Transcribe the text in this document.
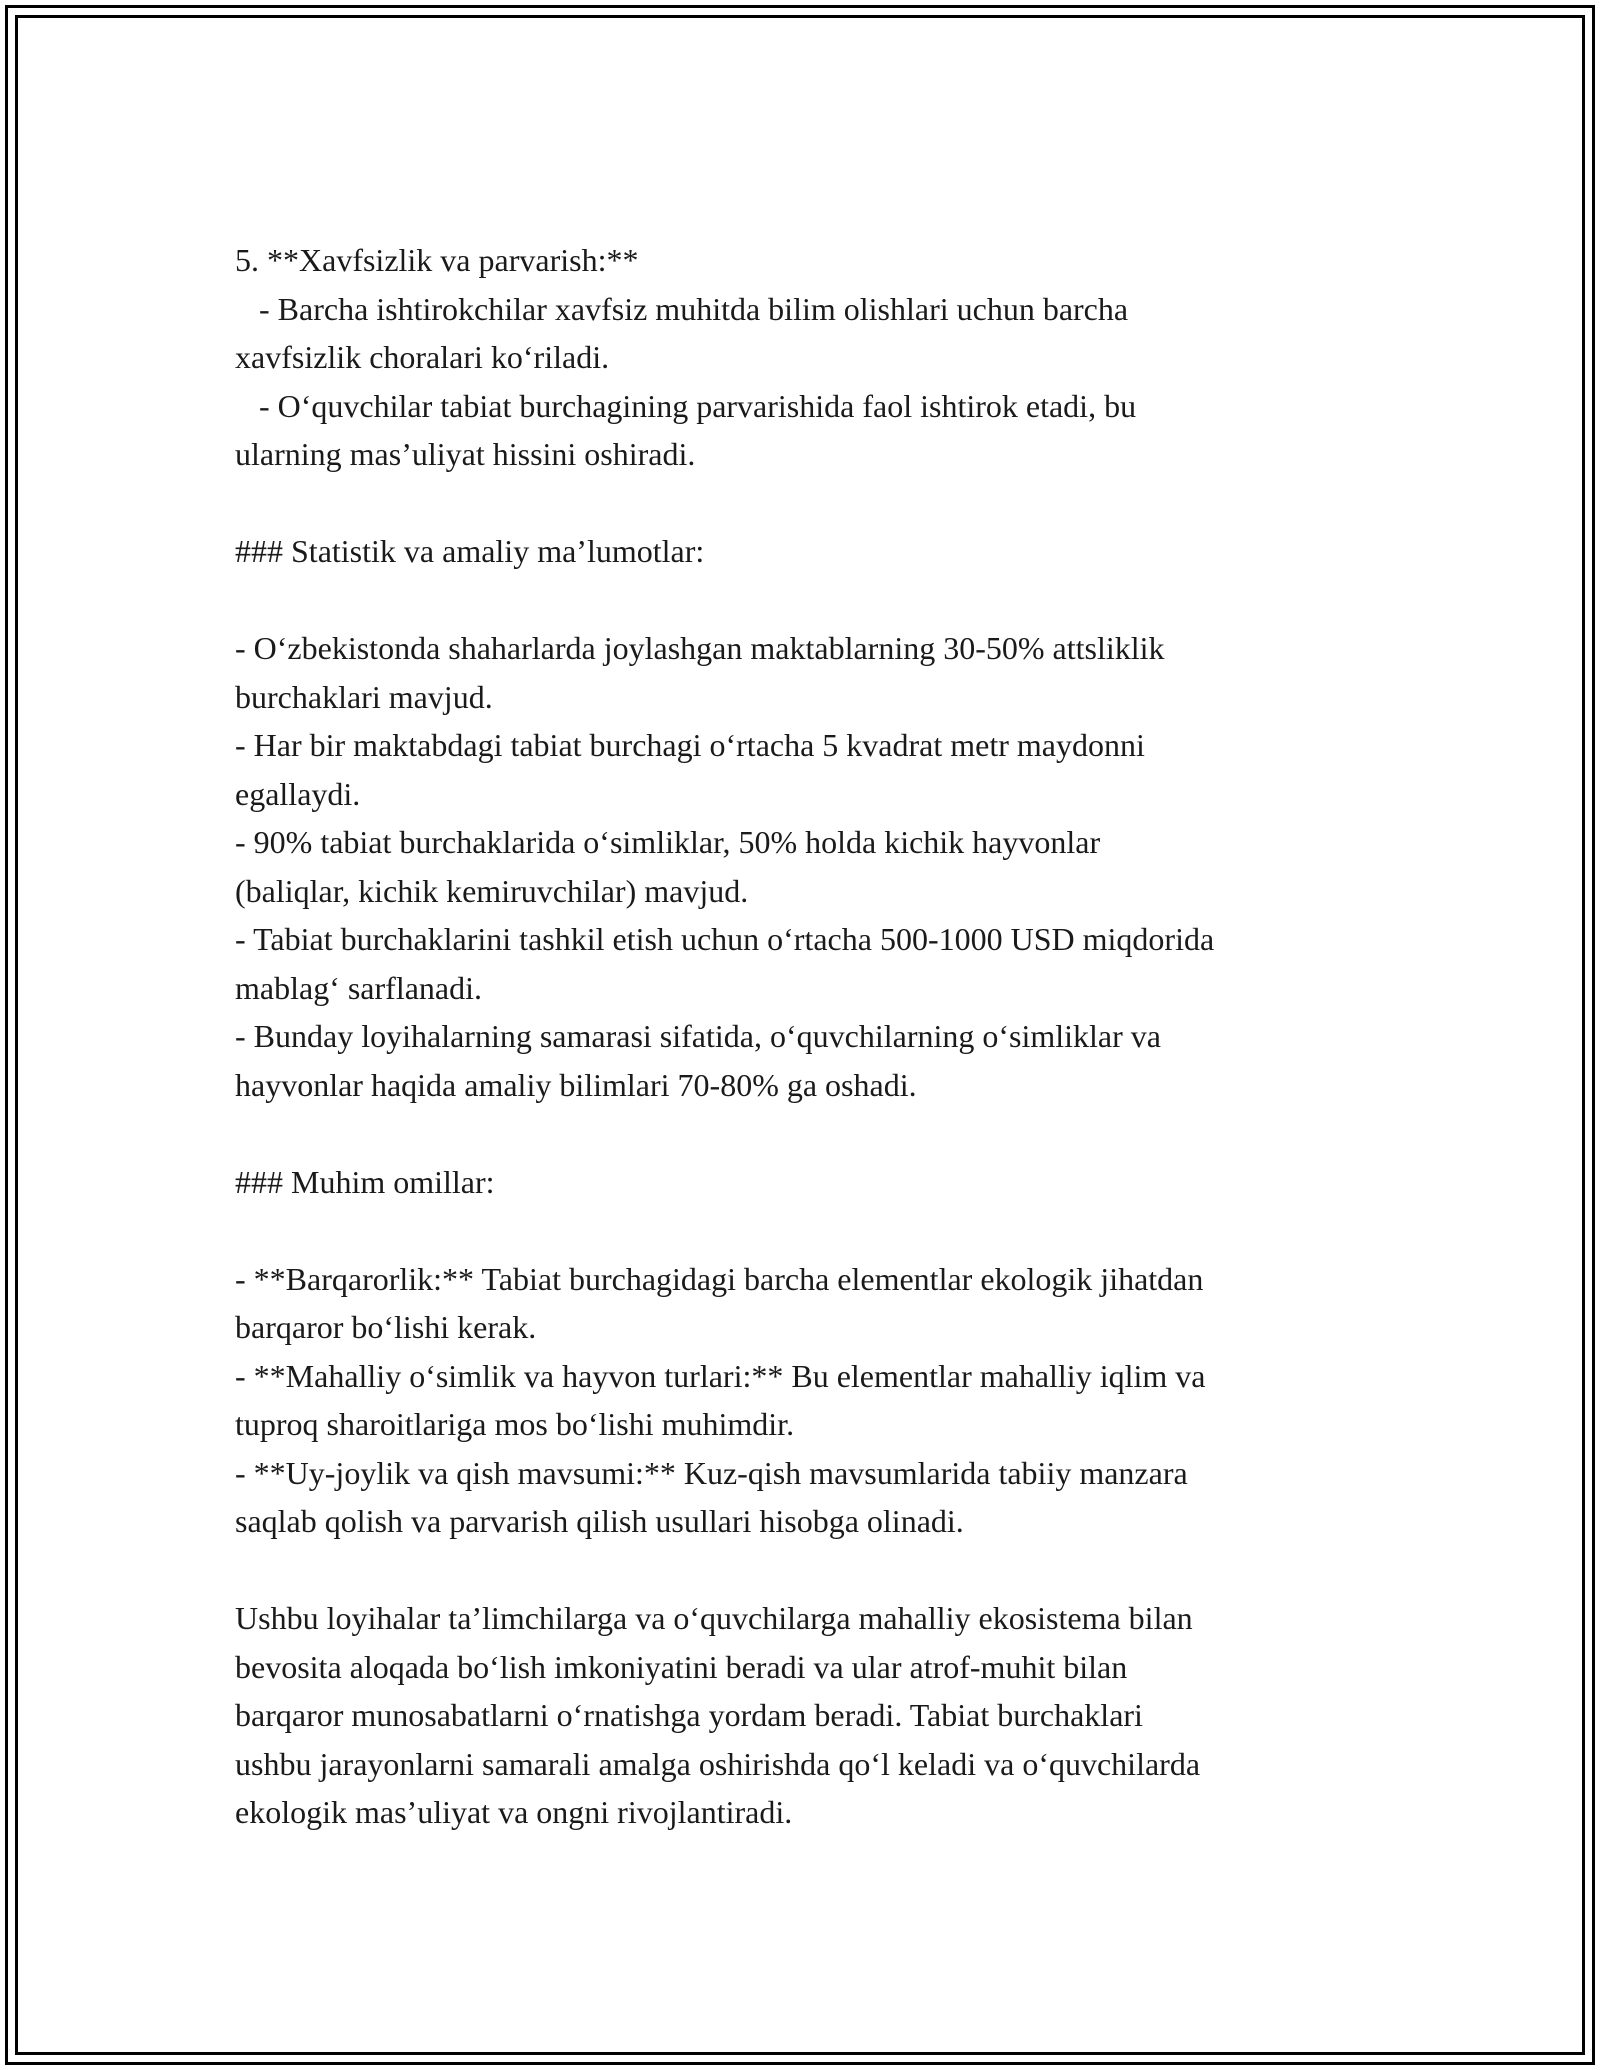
5. **Xavfsizlik va parvarish:**
- Barcha ishtirokchilar xavfsiz muhitda bilim olishlari uchun barcha
xavfsizlik choralari koʻriladi.
- Oʻquvchilar tabiat burchagining parvarishida faol ishtirok etadi, bu
ularning masʼuliyat hissini oshiradi.
### Statistik va amaliy maʼlumotlar:
- Oʻzbekistonda shaharlarda joylashgan maktablarning 30-50% attsliklik
burchaklari mavjud.
- Har bir maktabdagi tabiat burchagi oʻrtacha 5 kvadrat metr maydonni
egallaydi.
- 90% tabiat burchaklarida oʻsimliklar, 50% holda kichik hayvonlar
(baliqlar, kichik kemiruvchilar) mavjud.
- Tabiat burchaklarini tashkil etish uchun oʻrtacha 500-1000 USD miqdorida
mablagʻ sarflanadi.
- Bunday loyihalarning samarasi sifatida, oʻquvchilarning oʻsimliklar va
hayvonlar haqida amaliy bilimlari 70-80% ga oshadi.
### Muhim omillar:
- **Barqarorlik:** Tabiat burchagidagi barcha elementlar ekologik jihatdan
barqaror boʻlishi kerak.
- **Mahalliy oʻsimlik va hayvon turlari:** Bu elementlar mahalliy iqlim va
tuproq sharoitlariga mos boʻlishi muhimdir.
- **Uy-joylik va qish mavsumi:** Kuz-qish mavsumlarida tabiiy manzara
saqlab qolish va parvarish qilish usullari hisobga olinadi.
Ushbu loyihalar taʼlimchilarga va oʻquvchilarga mahalliy ekosistema bilan
bevosita aloqada boʻlish imkoniyatini beradi va ular atrof-muhit bilan
barqaror munosabatlarni oʻrnatishga yordam beradi. Tabiat burchaklari
ushbu jarayonlarni samarali amalga oshirishda qoʻl keladi va oʻquvchilarda
ekologik masʼuliyat va ongni rivojlantiradi.
